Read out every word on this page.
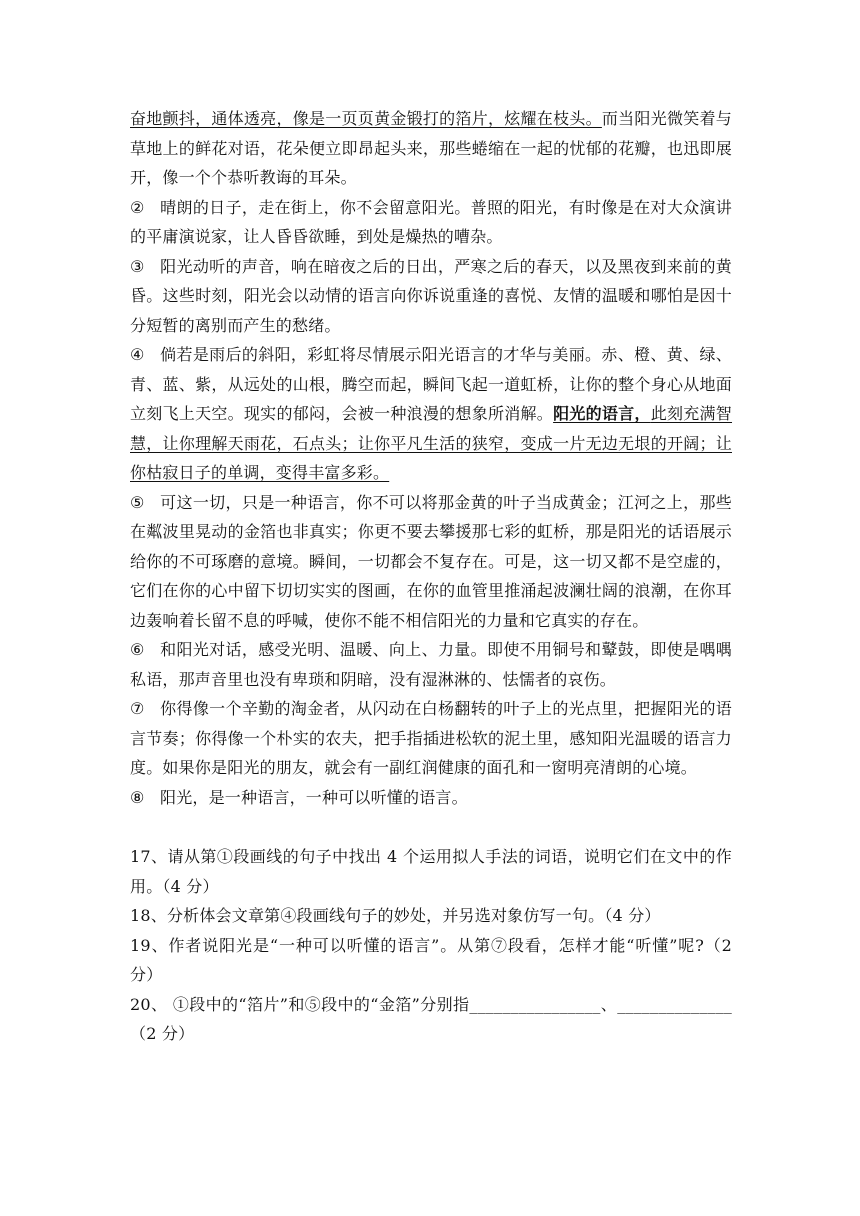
奋地颤抖，通体透亮，像是一页页黄金锻打的箔片，炫耀在枝头。而当阳光微笑着与草地上的鲜花对语，花朵便立即昂起头来，那些蜷缩在一起的忧郁的花瓣，也迅即展开，像一个个恭听教诲的耳朵。

② 晴朗的日子，走在街上，你不会留意阳光。普照的阳光，有时像是在对大众演讲的平庸演说家，让人昏昏欲睡，到处是燥热的嘈杂。

③ 阳光动听的声音，响在暗夜之后的日出，严寒之后的春天，以及黑夜到来前的黄昏。这些时刻，阳光会以动情的语言向你诉说重逢的喜悦、友情的温暖和哪怕是因十分短暂的离别而产生的愁绪。

④ 倘若是雨后的斜阳，彩虹将尽情展示阳光语言的才华与美丽。赤、橙、黄、绿、青、蓝、紫，从远处的山根，腾空而起，瞬间飞起一道虹桥，让你的整个身心从地面立刻飞上天空。现实的郁闷，会被一种浪漫的想象所消解。阳光的语言，此刻充满智慧，让你理解天雨花，石点头；让你平凡生活的狭窄，变成一片无边无垠的开阔；让你枯寂日子的单调，变得丰富多彩。

⑤ 可这一切，只是一种语言，你不可以将那金黄的叶子当成黄金；江河之上，那些在粼波里晃动的金箔也非真实；你更不要去攀援那七彩的虹桥，那是阳光的话语展示给你的不可琢磨的意境。瞬间，一切都会不复存在。可是，这一切又都不是空虚的，它们在你的心中留下切切实实的图画，在你的血管里推涌起波澜壮阔的浪潮，在你耳边轰响着长留不息的呼喊，使你不能不相信阳光的力量和它真实的存在。

⑥ 和阳光对话，感受光明、温暖、向上、力量。即使不用铜号和鼙鼓，即使是喁喁私语，那声音里也没有卑琐和阴暗，没有湿淋淋的、怯懦者的哀伤。

⑦ 你得像一个辛勤的淘金者，从闪动在白杨翻转的叶子上的光点里，把握阳光的语言节奏；你得像一个朴实的农夫，把手指插进松软的泥土里，感知阳光温暖的语言力度。如果你是阳光的朋友，就会有一副红润健康的面孔和一窗明亮清朗的心境。

⑧ 阳光，是一种语言，一种可以听懂的语言。

17、请从第①段画线的句子中找出 4 个运用拟人手法的词语，说明它们在文中的作用。（4 分）

18、分析体会文章第④段画线句子的妙处，并另选对象仿写一句。（4 分）

19、作者说阳光是“一种可以听懂的语言”。从第⑦段看，怎样才能“听懂”呢?（2 分）

20、 ①段中的“箔片”和⑤段中的“金箔”分别指________________、______________（2 分）
